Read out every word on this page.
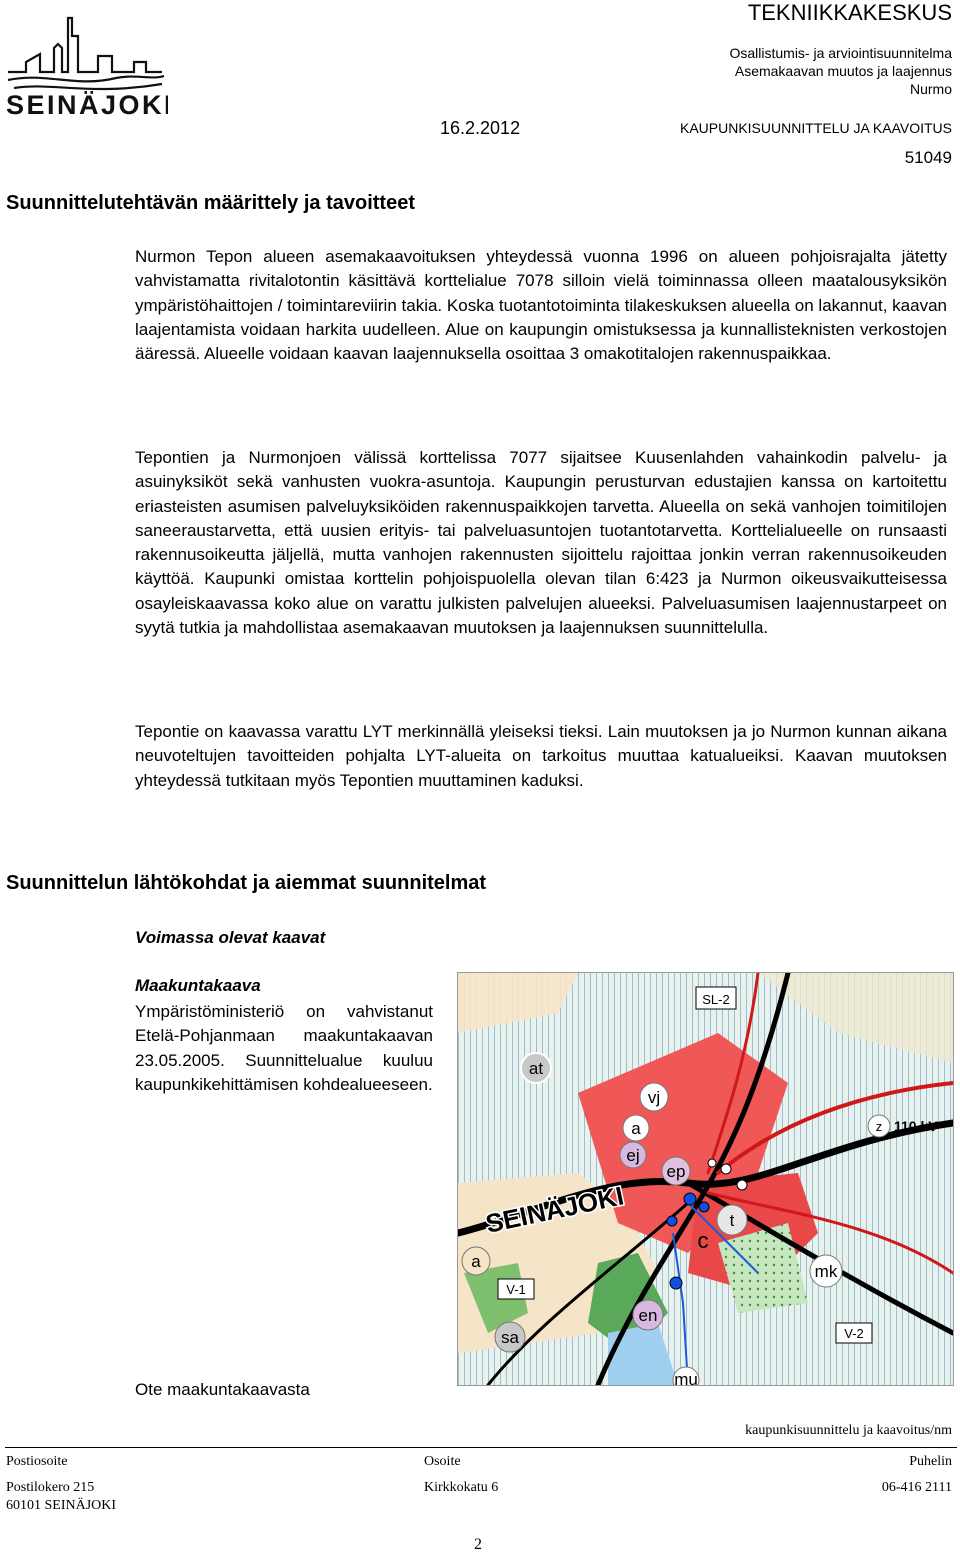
SEINÄJOKI
TEKNIIKKAKESKUS
Osallistumis- ja arviointisuunnitelma
Asemakaavan muutos ja laajennus
Nurmo
16.2.2012	KAUPUNKISUUNNITTELU JA KAAVOITUS
51049
Suunnittelutehtävän määrittely ja tavoitteet

Nurmon Tepon alueen asemakaavoituksen yhteydessä vuonna 1996 on alueen pohjoisrajalta jätetty vahvistamatta rivitalotontin käsittävä korttelialue 7078 silloin vielä toiminnassa olleen maatalousyksikön ympäristöhaittojen / toimintareviirin takia. Koska tuotantotoiminta tilakeskuksen alueella on lakannut, kaavan laajentamista voidaan harkita uudelleen. Alue on kaupungin omistuksessa ja kunnallisteknisten verkostojen ääressä. Alueelle voidaan kaavan laajennuksella osoittaa 3 omakotitalojen rakennuspaikkaa.

Tepontien ja Nurmonjoen välissä korttelissa 7077 sijaitsee Kuusenlahden vahainkodin palvelu- ja asuinyksiköt sekä vanhusten vuokra-asuntoja. Kaupungin perusturvan edustajien kanssa on kartoitettu eriasteisten asumisen palveluyksiköiden rakennuspaikkojen tarvetta. Alueella on sekä vanhojen toimitilojen saneeraustarvetta, että uusien erityis- tai palveluasuntojen tuotantotarvetta. Korttelialueelle on runsaasti rakennusoikeutta jäljellä, mutta vanhojen rakennusten sijoittelu rajoittaa jonkin verran rakennusoikeuden käyttöä. Kaupunki omistaa korttelin pohjoispuolella olevan tilan 6:423 ja Nurmon oikeusvaikutteisessa osayleiskaavassa koko alue on varattu julkisten palvelujen alueeksi. Palveluasumisen laajennustarpeet on syytä tutkia ja mahdollistaa asemakaavan muutoksen ja laajennuksen suunnittelulla.

Tepontie on kaavassa varattu LYT merkinnällä yleiseksi tieksi. Lain muutoksen ja jo Nurmon kunnan aikana neuvoteltujen tavoitteiden pohjalta LYT-alueita on tarkoitus muuttaa katualueiksi. Kaavan muutoksen yhteydessä tutkitaan myös Tepontien muuttaminen kaduksi.

Suunnittelun lähtökohdat ja aiemmat suunnitelmat
Voimassa olevat kaavat
Maakuntakaava

Ympäristöministeriö on vahvistanut Etelä-Pohjanmaan maakuntakaavan 23.05.2005. Suunnittelualue kuuluu kaupunkikehittämisen kohdealueeseen.

at
vj
a
ej
ep
t
c
a
en
sa
mk
mu
z
SL-2
V-1
V-2
110 kV
SEINÄJOKI
Ote maakuntakaavasta
kaupunkisuunnittelu ja kaavoitus/nm
Postiosoite	Osoite	Puhelin
Postilokero 215
60101 SEINÄJOKI
Kirkkokatu 6	06-416 2111
2
